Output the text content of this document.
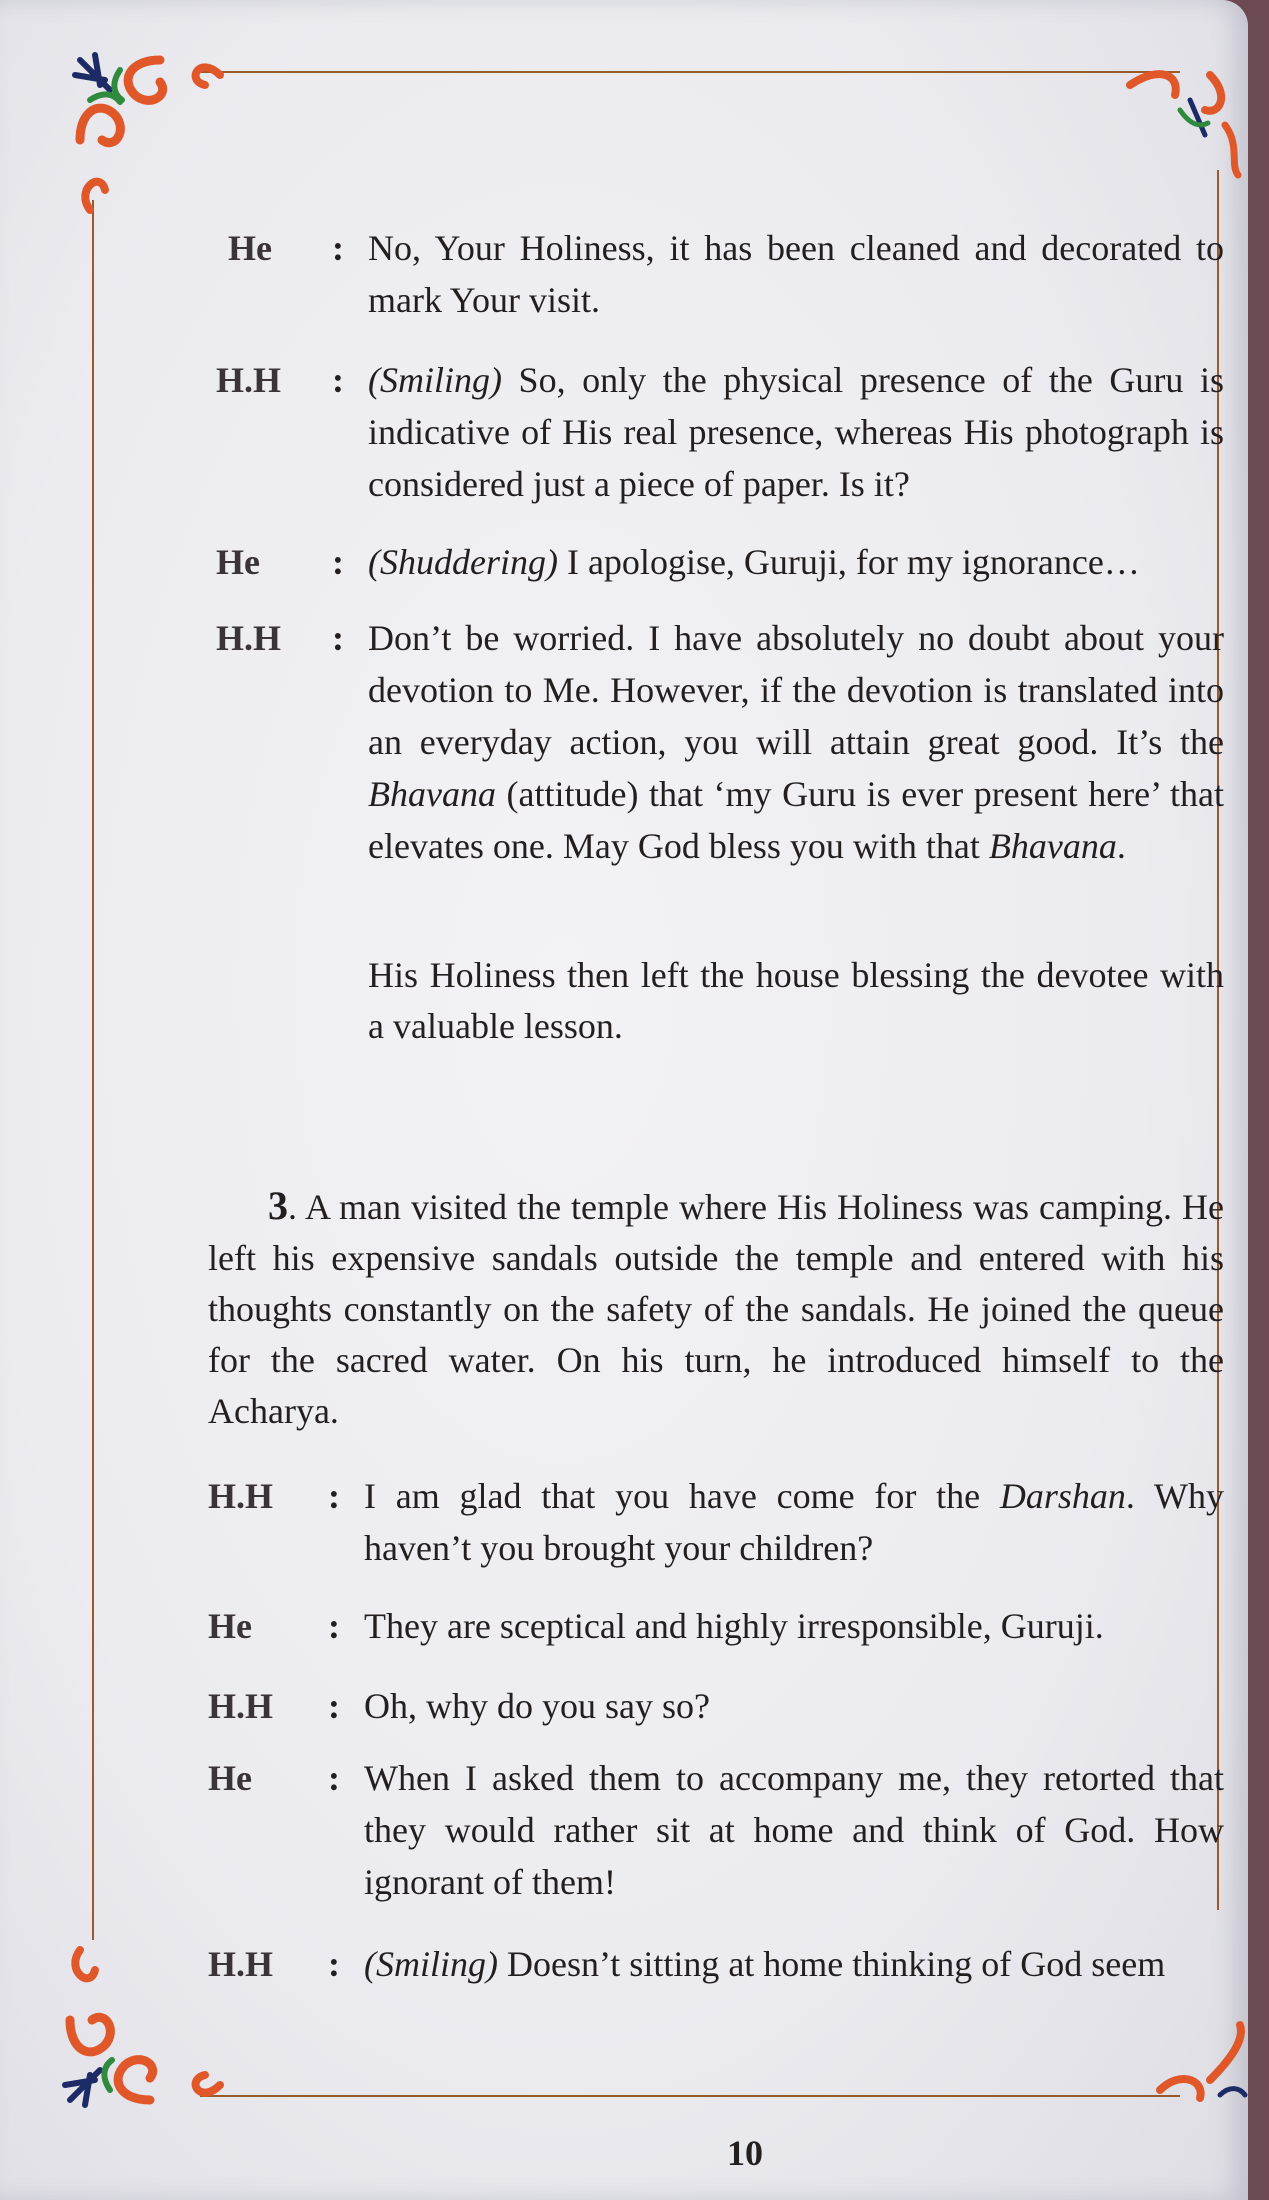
He : No, Your Holiness, it has been cleaned and decorated to mark Your visit.
H.H : (Smiling) So, only the physical presence of the Guru is indicative of His real presence, whereas His photograph is considered just a piece of paper. Is it?
He : (Shuddering) I apologise, Guruji, for my ignorance…
H.H : Don’t be worried. I have absolutely no doubt about your devotion to Me. However, if the devotion is translated into an everyday action, you will attain great good. It’s the Bhavana (attitude) that ‘my Guru is ever present here’ that elevates one. May God bless you with that Bhavana.
His Holiness then left the house blessing the devotee with a valuable lesson.
3. A man visited the temple where His Holiness was camping. He left his expensive sandals outside the temple and entered with his thoughts constantly on the safety of the sandals. He joined the queue for the sacred water. On his turn, he introduced himself to the Acharya.
H.H : I am glad that you have come for the Darshan. Why haven’t you brought your children?
He : They are sceptical and highly irresponsible, Guruji.
H.H : Oh, why do you say so?
He : When I asked them to accompany me, they retorted that they would rather sit at home and think of God. How ignorant of them!
H.H : (Smiling) Doesn’t sitting at home thinking of God seem
10
